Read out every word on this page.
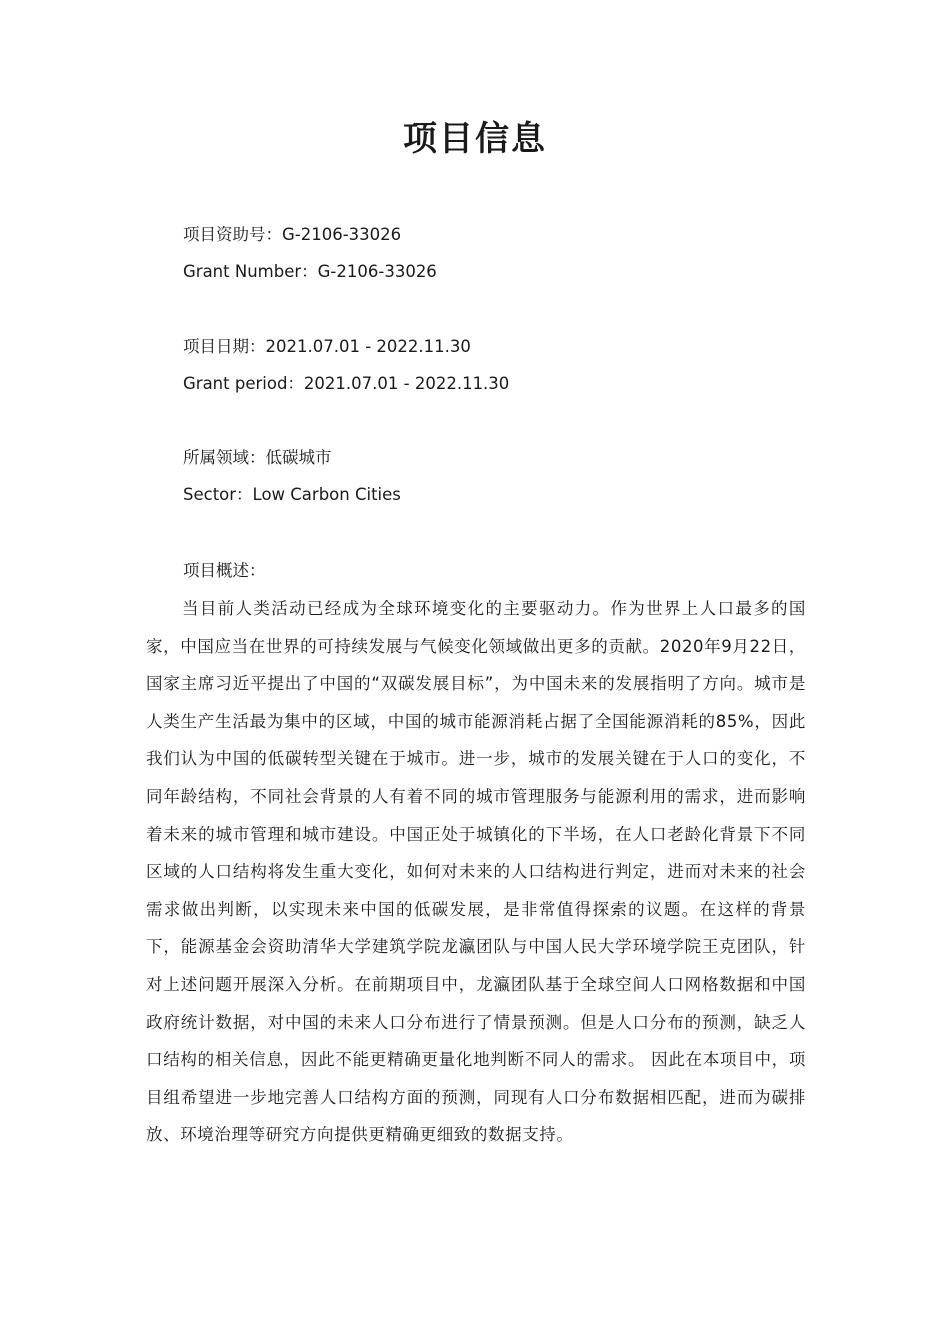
项目信息
项目资助号：G-2106-33026
Grant Number：G-2106-33026
项目日期：2021.07.01 - 2022.11.30
Grant period：2021.07.01 - 2022.11.30
所属领域：低碳城市
Sector：Low Carbon Cities

项目概述：

当目前人类活动已经成为全球环境变化的主要驱动力。作为世界上人口最多的国家，中国应当在世界的可持续发展与气候变化领域做出更多的贡献。2020年9月22日，国家主席习近平提出了中国的“双碳发展目标”，为中国未来的发展指明了方向。城市是人类生产生活最为集中的区域，中国的城市能源消耗占据了全国能源消耗的85%，因此我们认为中国的低碳转型关键在于城市。进一步，城市的发展关键在于人口的变化，不同年龄结构，不同社会背景的人有着不同的城市管理服务与能源利用的需求，进而影响着未来的城市管理和城市建设。中国正处于城镇化的下半场，在人口老龄化背景下不同区域的人口结构将发生重大变化，如何对未来的人口结构进行判定，进而对未来的社会需求做出判断，以实现未来中国的低碳发展，是非常值得探索的议题。在这样的背景下，能源基金会资助清华大学建筑学院龙瀛团队与中国人民大学环境学院王克团队，针对上述问题开展深入分析。在前期项目中，龙瀛团队基于全球空间人口网格数据和中国政府统计数据，对中国的未来人口分布进行了情景预测。但是人口分布的预测，缺乏人口结构的相关信息，因此不能更精确更量化地判断不同人的需求。 因此在本项目中，项目组希望进一步地完善人口结构方面的预测，同现有人口分布数据相匹配，进而为碳排放、环境治理等研究方向提供更精确更细致的数据支持。
